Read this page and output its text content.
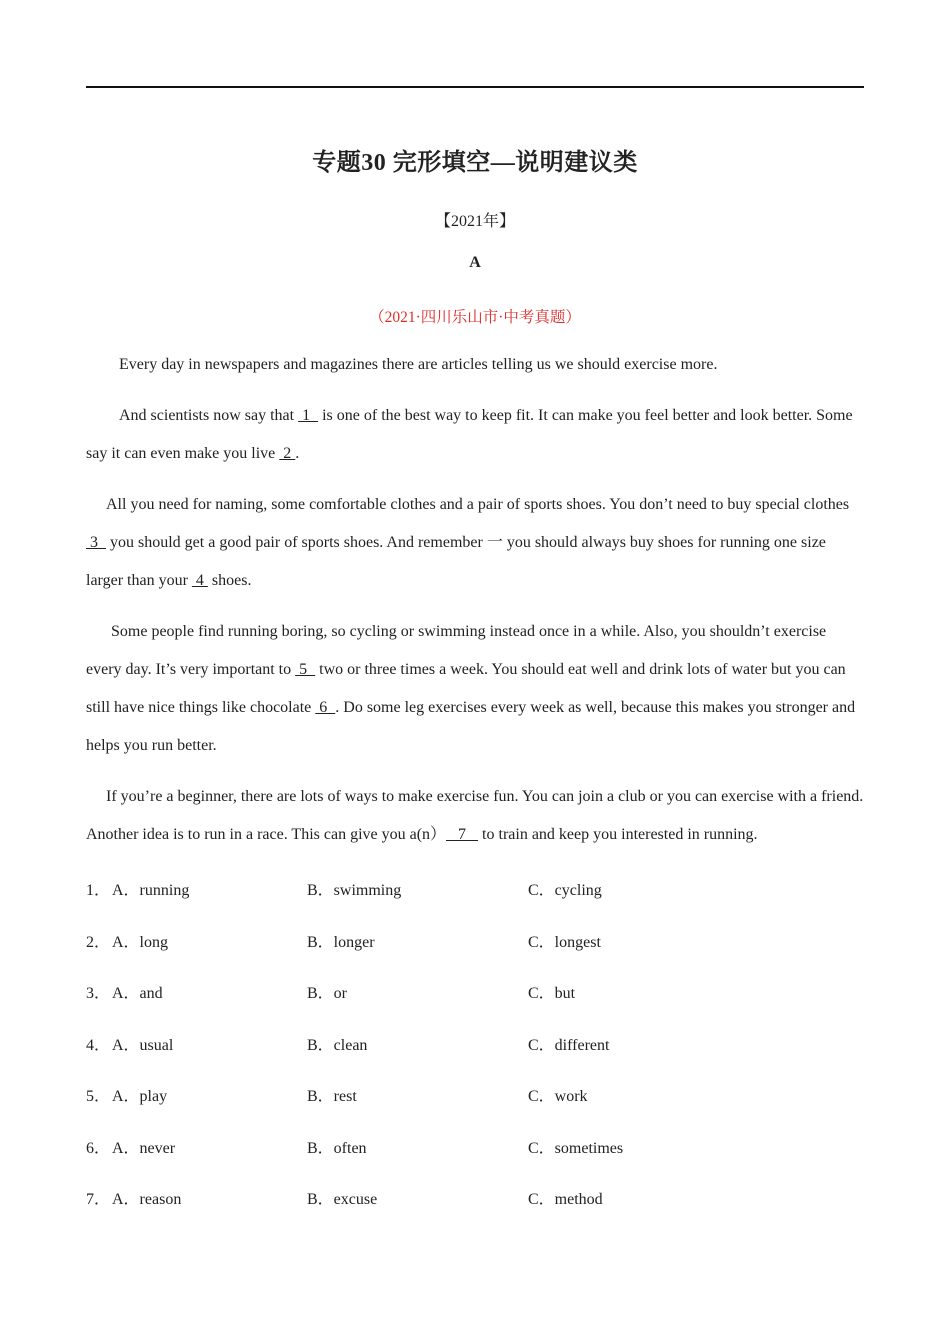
专题30 完形填空—说明建议类
【2021年】
A
（2021·四川乐山市·中考真题）

Every day in newspapers and magazines there are articles telling us we should exercise more.

And scientists now say that  1   is one of the best way to keep fit. It can make you feel better and look better. Some say it can even make you live  2 .

All you need for naming, some comfortable clothes and a pair of sports shoes. You don’t need to buy special clothes  3   you should get a good pair of sports shoes. And remember 一 you should always buy shoes for running one size larger than your  4  shoes.

Some people find running boring, so cycling or swimming instead once in a while. Also, you shouldn’t exercise every day. It’s very important to  5   two or three times a week. You should eat well and drink lots of water but you can still have nice things like chocolate  6  . Do some leg exercises every week as well, because this makes you stronger and helps you run better.

If you’re a beginner, there are lots of ways to make exercise fun. You can join a club or you can exercise with a friend. Another idea is to run in a race. This can give you a(n）   7    to train and keep you interested in running.

1． A．running	B．swimming	C．cycling
2． A．long	B．longer	C．longest
3． A．and	B．or	C．but
4． A．usual	B．clean	C．different
5． A．play	B．rest	C．work
6． A．never	B．often	C．sometimes
7． A．reason	B．excuse	C．method
